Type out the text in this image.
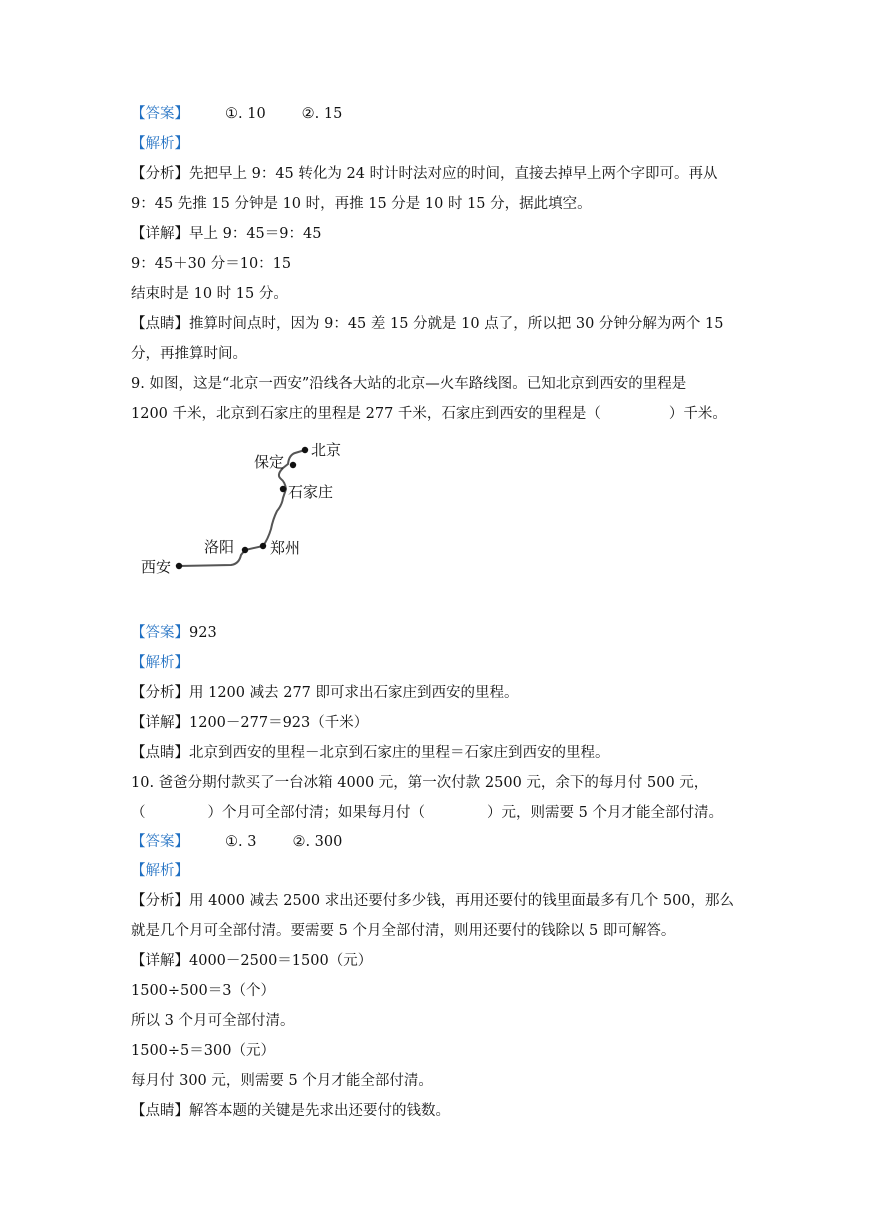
【答案】 ①. 10 ②. 15
【解析】
【分析】先把早上 9：45 转化为 24 时计时法对应的时间，直接去掉早上两个字即可。再从
9：45 先推 15 分钟是 10 时，再推 15 分是 10 时 15 分，据此填空。
【详解】早上 9：45＝9：45
9：45＋30 分＝10：15
结束时是 10 时 15 分。
【点睛】推算时间点时，因为 9：45 差 15 分就是 10 点了，所以把 30 分钟分解为两个 15
分，再推算时间。
9. 如图，这是“北京一西安”沿线各大站的北京—火车路线图。已知北京到西安的里程是
1200 千米，北京到石家庄的里程是 277 千米，石家庄到西安的里程是（	）千米。
北京
保定
石家庄
洛阳 郑州
西安
【答案】923
【解析】
【分析】用 1200 减去 277 即可求出石家庄到西安的里程。
【详解】1200－277＝923（千米）
【点睛】北京到西安的里程－北京到石家庄的里程＝石家庄到西安的里程。
10. 爸爸分期付款买了一台冰箱 4000 元，第一次付款 2500 元，余下的每月付 500 元，
（	）个月可全部付清；如果每月付（	）元，则需要 5 个月才能全部付清。
【答案】 ①. 3 ②. 300
【解析】
【分析】用 4000 减去 2500 求出还要付多少钱，再用还要付的钱里面最多有几个 500，那么
就是几个月可全部付清。要需要 5 个月全部付清，则用还要付的钱除以 5 即可解答。
【详解】4000－2500＝1500（元）
1500÷500＝3（个）
所以 3 个月可全部付清。
1500÷5＝300（元）
每月付 300 元，则需要 5 个月才能全部付清。
【点睛】解答本题的关键是先求出还要付的钱数。
